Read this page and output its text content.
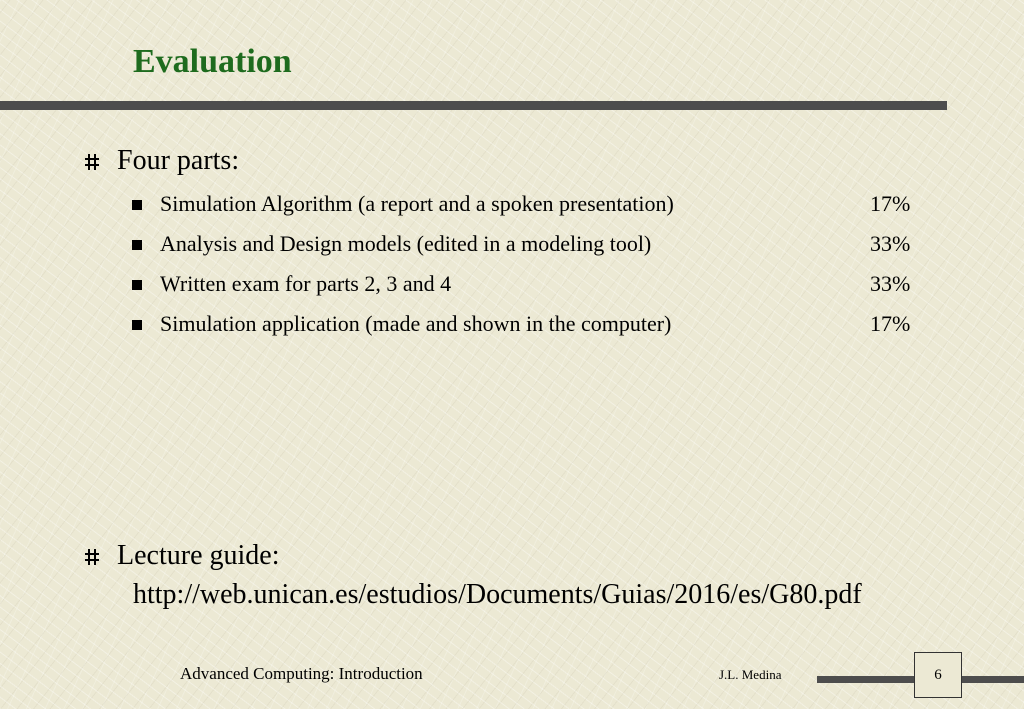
Evaluation
Four parts:
Simulation Algorithm (a report and a spoken presentation)	17%
Analysis and Design models (edited in a modeling tool)	33%
Written exam for parts 2, 3 and 4	33%
Simulation application (made and shown in the computer)	17%
Lecture guide:
http://web.unican.es/estudios/Documents/Guias/2016/es/G80.pdf
Advanced Computing: Introduction	J.L. Medina	6
